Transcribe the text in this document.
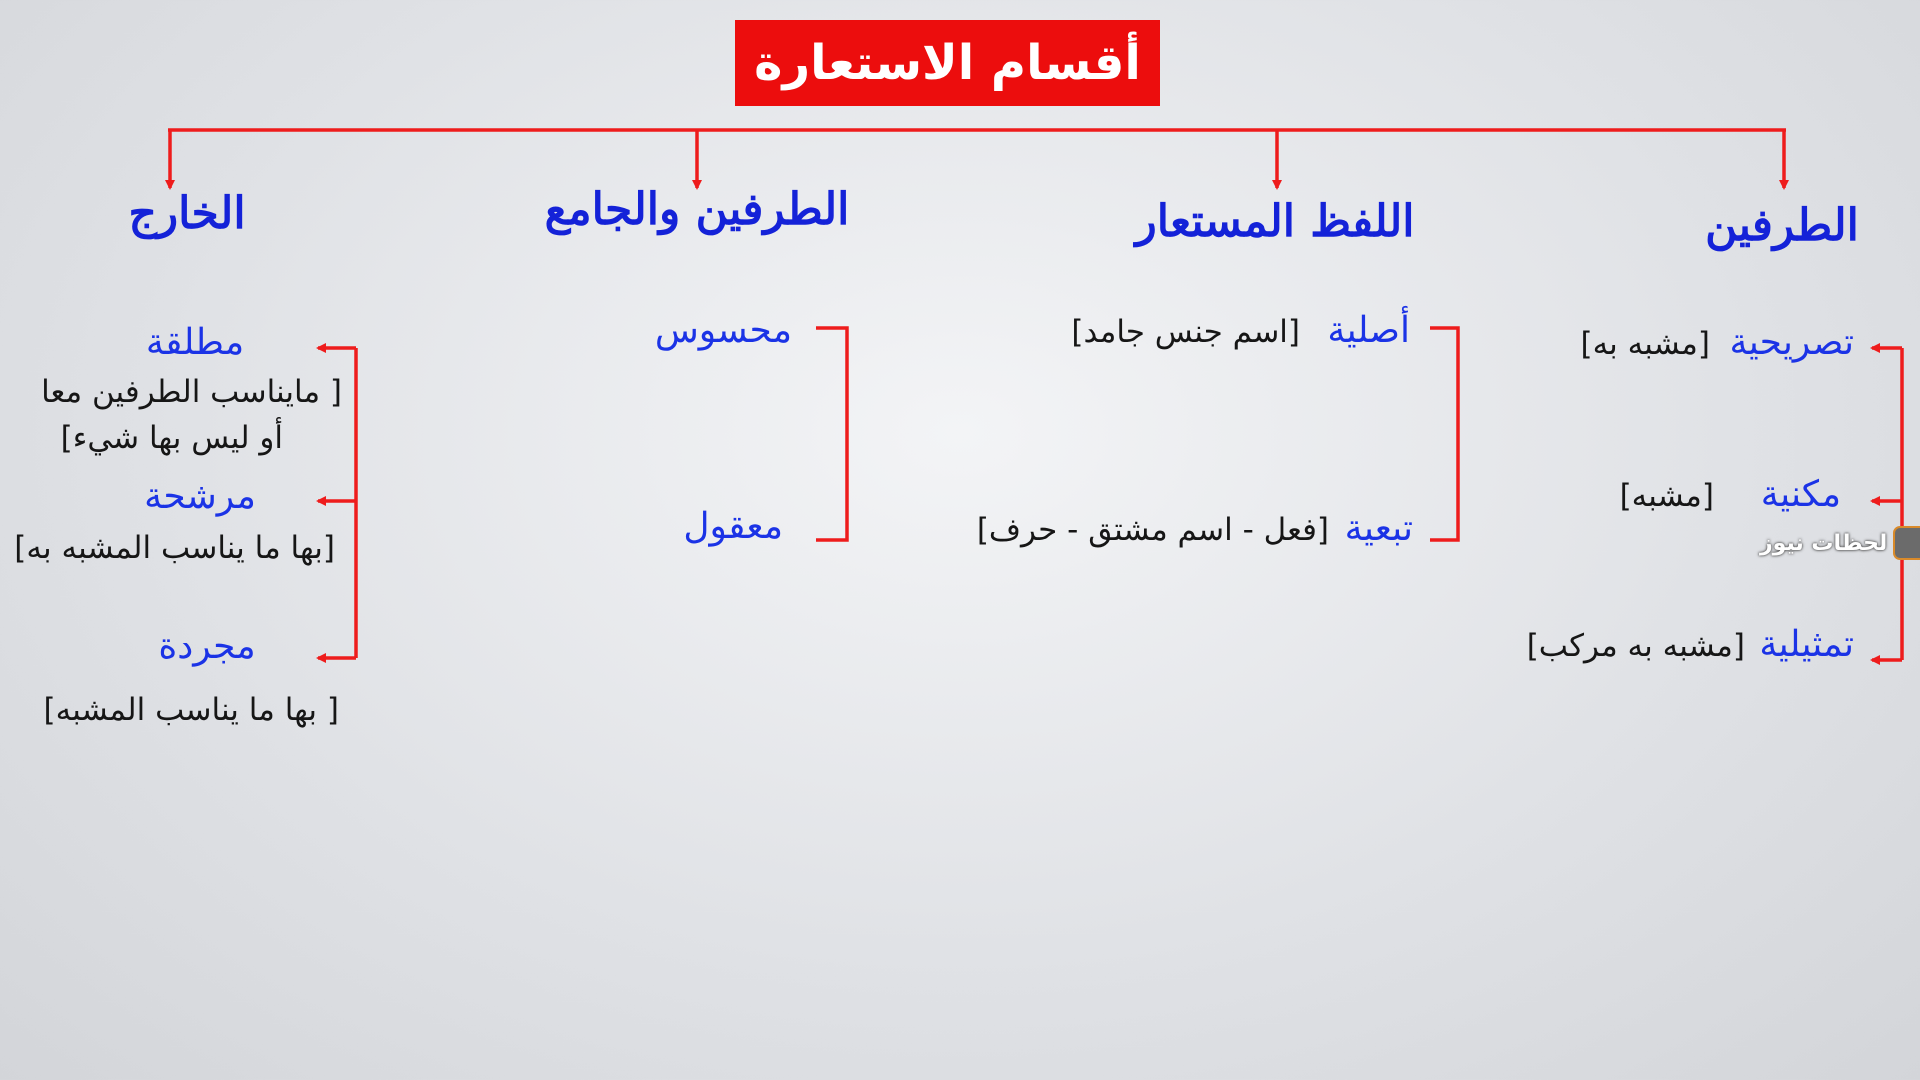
أقسام الاستعارة
الطرفين
اللفظ المستعار
الطرفين والجامع
الخارج
تصريحية
[مشبه به]
مكنية
[مشبه]
تمثيلية
[مشبه به مركب]
أصلية
[اسم جنس جامد]
تبعية
[فعل - اسم مشتق - حرف]
محسوس
معقول
مطلقة
[ مايناسب الطرفين معا
أو ليس بها شيء]
مرشحة
[بها ما يناسب المشبه به]
مجردة
[ بها ما يناسب المشبه]
لحظات نيوز
